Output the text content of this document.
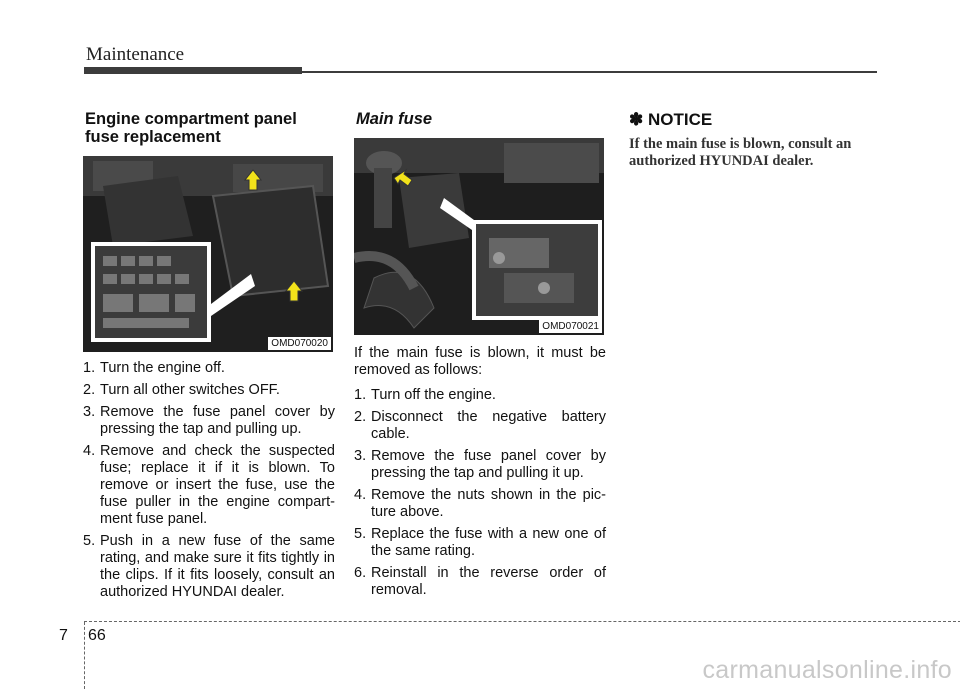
Maintenance
Engine compartment panel
fuse replacement
OMD070020
1. Turn the engine off.
2. Turn all other switches OFF.
3. Remove the fuse panel cover by pressing the tap and pulling up.
4. Remove and check the suspected fuse; replace it if it is blown. To remove or insert the fuse, use the fuse puller in the engine compart-ment fuse panel.
5. Push in a new fuse of the same rating, and make sure it fits tightly in the clips. If it fits loosely, consult an authorized HYUNDAI dealer.
Main fuse
OMD070021
If the main fuse is blown, it must be removed as follows:
1. Turn off the engine.
2. Disconnect the negative battery cable.
3. Remove the fuse panel cover by pressing the tap and pulling it up.
4. Remove the nuts shown in the pic-ture above.
5. Replace the fuse with a new one of the same rating.
6. Reinstall in the reverse order of removal.
✽ NOTICE
If the main fuse is blown, consult an authorized HYUNDAI dealer.
7 66
carmanualsonline.info
